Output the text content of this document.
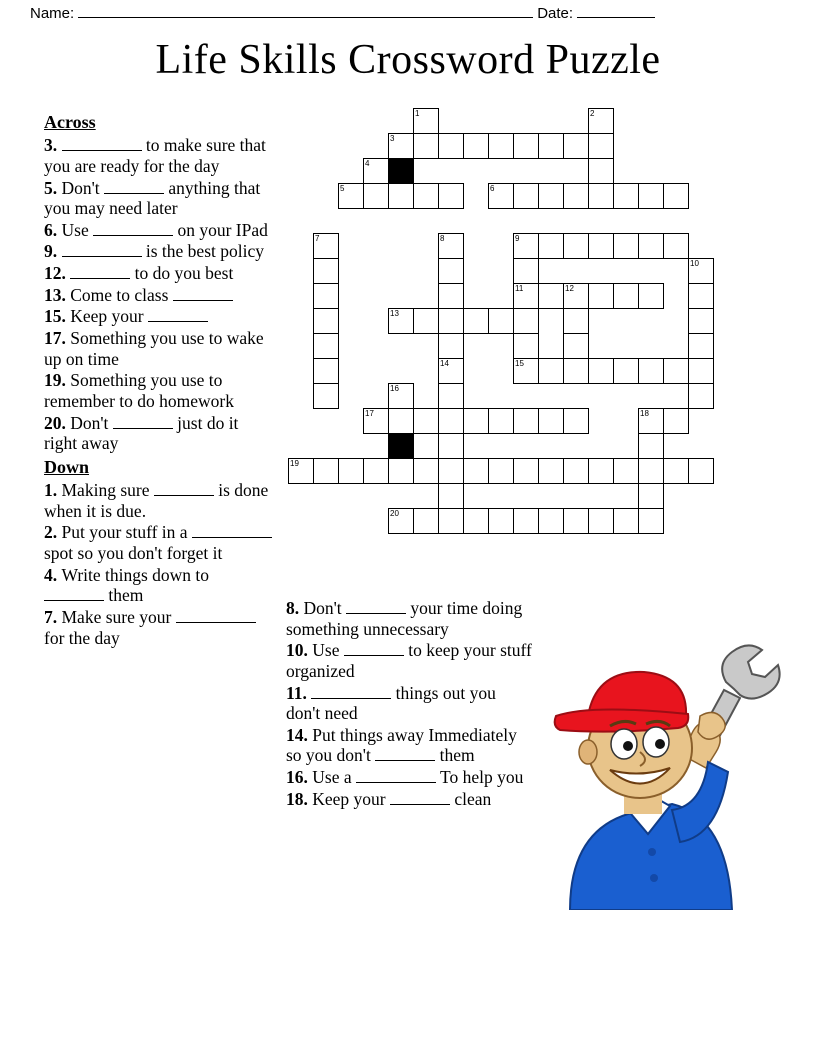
Name:	Date:
Life Skills Crossword Puzzle
Across
3.	to make sure that you are ready for the day
5. Don't	anything that you may need later
6. Use	on your IPad
9.	is the best policy
12.	to do you best
13. Come to class
15. Keep your
17. Something you use to wake up on time
19. Something you use to remember to do homework
20. Don't	just do it right away
Down
1. Making sure	is done when it is due.
2. Put your stuff in a  spot so you don't forget it
4. Write things down to  them
7. Make sure your  for the day
8. Don't	your time doing something unnecessary
10. Use	to keep your stuff organized
11.	things out you don't need
14. Put things away Immediately so you don't	them
16. Use a	To help you
18. Keep your	clean
1	2
3
4
5	6
7	8	9
10
11	12
13
14	15
16
17	18
19
20
